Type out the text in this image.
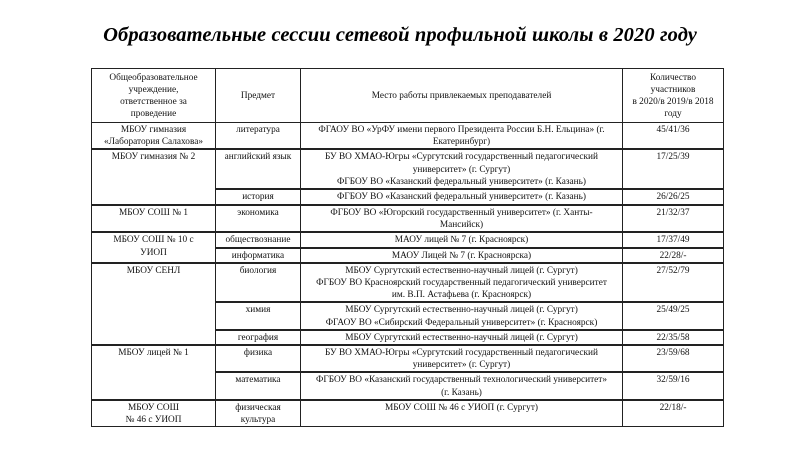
Образовательные сессии сетевой профильной школы в 2020 году
Общеобразовательное
учреждение,
ответственное за
проведение	Предмет	Место работы привлекаемых преподавателей	Количество
участников
в 2020/в 2019/в 2018
году

МБОУ гимназия
«Лаборатория Салахова»	литература	ФГАОУ ВО «УрФУ имени первого Президента России Б.Н. Ельцина» (г.
Екатеринбург)	45/41/36

МБОУ гимназия № 2	английский язык	БУ ВО ХМАО-Югры «Сургутский государственный педагогический
университет» (г. Сургут)
ФГБОУ ВО «Казанский федеральный университет» (г. Казань)	17/25/39

	история	ФГБОУ ВО «Казанский федеральный университет» (г. Казань)	26/26/25

МБОУ СОШ № 1	экономика	ФГБОУ ВО «Югорский государственный университет» (г. Ханты-
Мансийск)	21/32/37

МБОУ СОШ № 10 с
УИОП	обществознание	МАОУ лицей № 7 (г. Красноярск)	17/37/49

	информатика	МАОУ Лицей № 7 (г. Красноярска)	22/28/-

МБОУ СЕНЛ	биология	МБОУ Сургутский естественно-научный лицей (г. Сургут)
ФГБОУ ВО Красноярский государственный педагогический университет
им. В.П. Астафьева (г. Красноярск)	27/52/79

	химия	МБОУ Сургутский естественно-научный лицей (г. Сургут)
ФГАОУ ВО «Сибирский Федеральный университет» (г. Красноярск)	25/49/25

	география	МБОУ Сургутский естественно-научный лицей (г. Сургут)	22/35/58

МБОУ лицей № 1	физика	БУ ВО ХМАО-Югры «Сургутский государственный педагогический
университет» (г. Сургут)	23/59/68

	математика	ФГБОУ ВО «Казанский государственный технологический университет»
(г. Казань)	32/59/16

МБОУ СОШ
№ 46 с УИОП	физическая
культура	МБОУ СОШ № 46 с УИОП (г. Сургут)	22/18/-
